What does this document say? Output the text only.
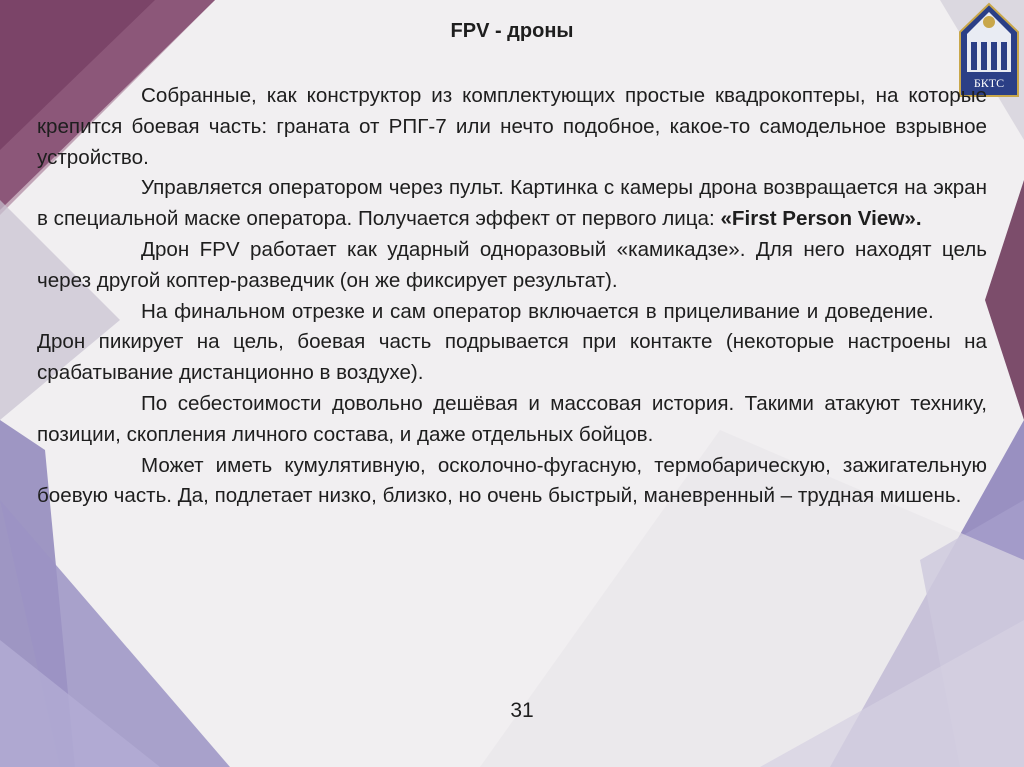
БКТС
FPV - дроны

Собранные, как конструктор из комплектующих простые квадрокоптеры, на которые крепится боевая часть: граната от РПГ-7 или нечто подобное, какое-то самодельное взрывное устройство.

Управляется оператором через пульт. Картинка с камеры дрона возвращается на экран в специальной маске оператора. Получается эффект от первого лица: «First Person View».

Дрон FPV работает как ударный одноразовый «камикадзе». Для него находят цель через другой коптер-разведчик (он же фиксирует результат).

На финальном отрезке и сам оператор включается в прицеливание и доведение.         Дрон пикирует на цель, боевая часть подрывается при контакте (некоторые настроены на срабатывание дистанционно в воздухе).

По себестоимости довольно дешёвая и массовая история. Такими атакуют технику, позиции, скопления личного состава, и даже отдельных бойцов.

Может иметь кумулятивную, осколочно-фугасную, термобарическую, зажигательную боевую часть. Да, подлетает низко, близко, но очень быстрый, маневренный – трудная мишень.

31
